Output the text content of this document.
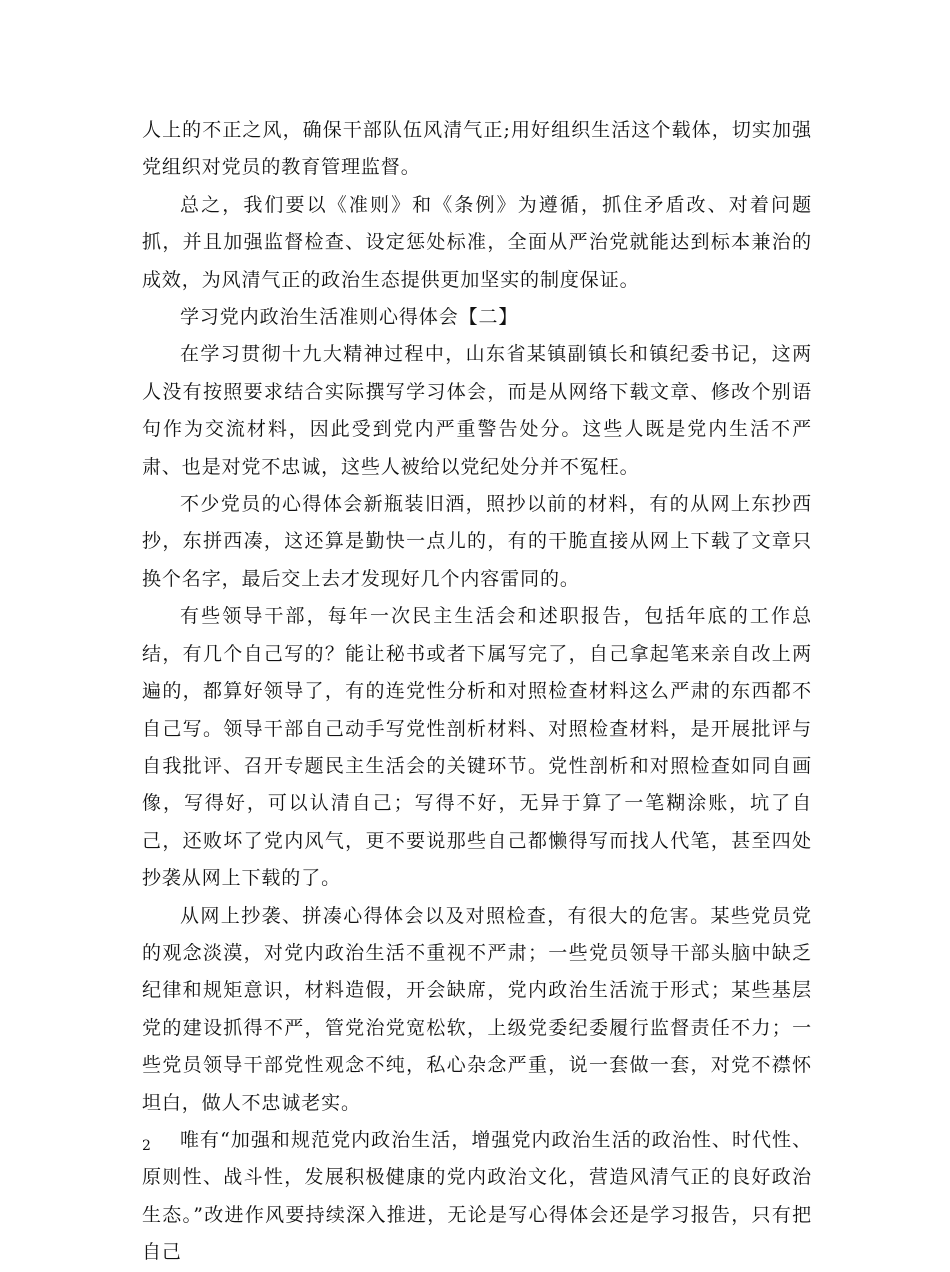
人上的不正之风，确保干部队伍风清气正;用好组织生活这个载体，切实加强党组织对党员的教育管理监督。

总之，我们要以《准则》和《条例》为遵循，抓住矛盾改、对着问题抓，并且加强监督检查、设定惩处标准，全面从严治党就能达到标本兼治的成效，为风清气正的政治生态提供更加坚实的制度保证。

学习党内政治生活准则心得体会【二】

在学习贯彻十九大精神过程中，山东省某镇副镇长和镇纪委书记，这两人没有按照要求结合实际撰写学习体会，而是从网络下载文章、修改个别语句作为交流材料，因此受到党内严重警告处分。这些人既是党内生活不严肃、也是对党不忠诚，这些人被给以党纪处分并不冤枉。

不少党员的心得体会新瓶装旧酒，照抄以前的材料，有的从网上东抄西抄，东拼西凑，这还算是勤快一点儿的，有的干脆直接从网上下载了文章只换个名字，最后交上去才发现好几个内容雷同的。

有些领导干部，每年一次民主生活会和述职报告，包括年底的工作总结，有几个自己写的？能让秘书或者下属写完了，自己拿起笔来亲自改上两遍的，都算好领导了，有的连党性分析和对照检查材料这么严肃的东西都不自己写。领导干部自己动手写党性剖析材料、对照检查材料，是开展批评与自我批评、召开专题民主生活会的关键环节。党性剖析和对照检查如同自画像，写得好，可以认清自己；写得不好，无异于算了一笔糊涂账，坑了自己，还败坏了党内风气，更不要说那些自己都懒得写而找人代笔，甚至四处抄袭从网上下载的了。

从网上抄袭、拼凑心得体会以及对照检查，有很大的危害。某些党员党的观念淡漠，对党内政治生活不重视不严肃；一些党员领导干部头脑中缺乏纪律和规矩意识，材料造假，开会缺席，党内政治生活流于形式；某些基层党的建设抓得不严，管党治党宽松软，上级党委纪委履行监督责任不力；一些党员领导干部党性观念不纯，私心杂念严重，说一套做一套，对党不襟怀坦白，做人不忠诚老实。

唯有“加强和规范党内政治生活，增强党内政治生活的政治性、时代性、原则性、战斗性，发展积极健康的党内政治文化，营造风清气正的良好政治生态。”改进作风要持续深入推进，无论是写心得体会还是学习报告，只有把自己

2
